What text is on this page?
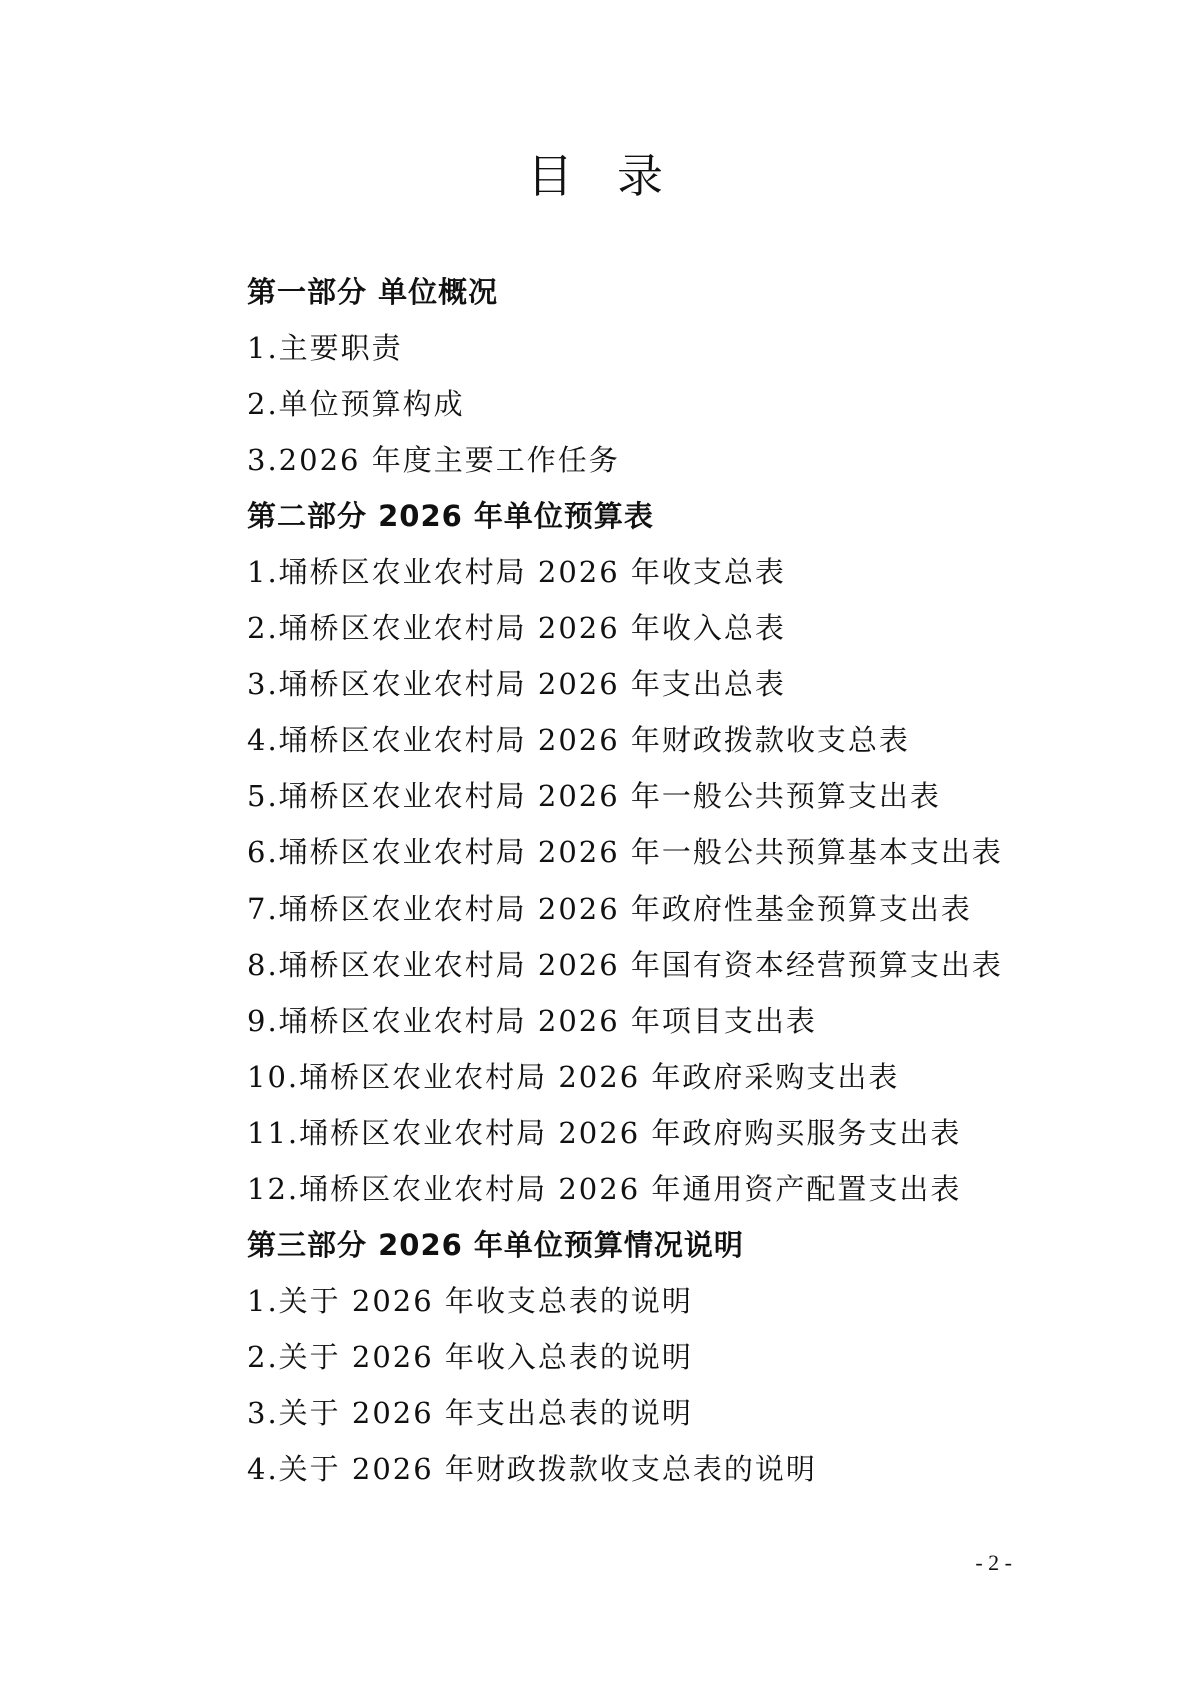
目 录
第一部分 单位概况
1.主要职责
2.单位预算构成
3.2026 年度主要工作任务
第二部分 2026 年单位预算表
1.埇桥区农业农村局 2026 年收支总表
2.埇桥区农业农村局 2026 年收入总表
3.埇桥区农业农村局 2026 年支出总表
4.埇桥区农业农村局 2026 年财政拨款收支总表
5.埇桥区农业农村局 2026 年一般公共预算支出表
6.埇桥区农业农村局 2026 年一般公共预算基本支出表
7.埇桥区农业农村局 2026 年政府性基金预算支出表
8.埇桥区农业农村局 2026 年国有资本经营预算支出表
9.埇桥区农业农村局 2026 年项目支出表
10.埇桥区农业农村局 2026 年政府采购支出表
11.埇桥区农业农村局 2026 年政府购买服务支出表
12.埇桥区农业农村局 2026 年通用资产配置支出表
第三部分 2026 年单位预算情况说明
1.关于 2026 年收支总表的说明
2.关于 2026 年收入总表的说明
3.关于 2026 年支出总表的说明
4.关于 2026 年财政拨款收支总表的说明
- 2 -
